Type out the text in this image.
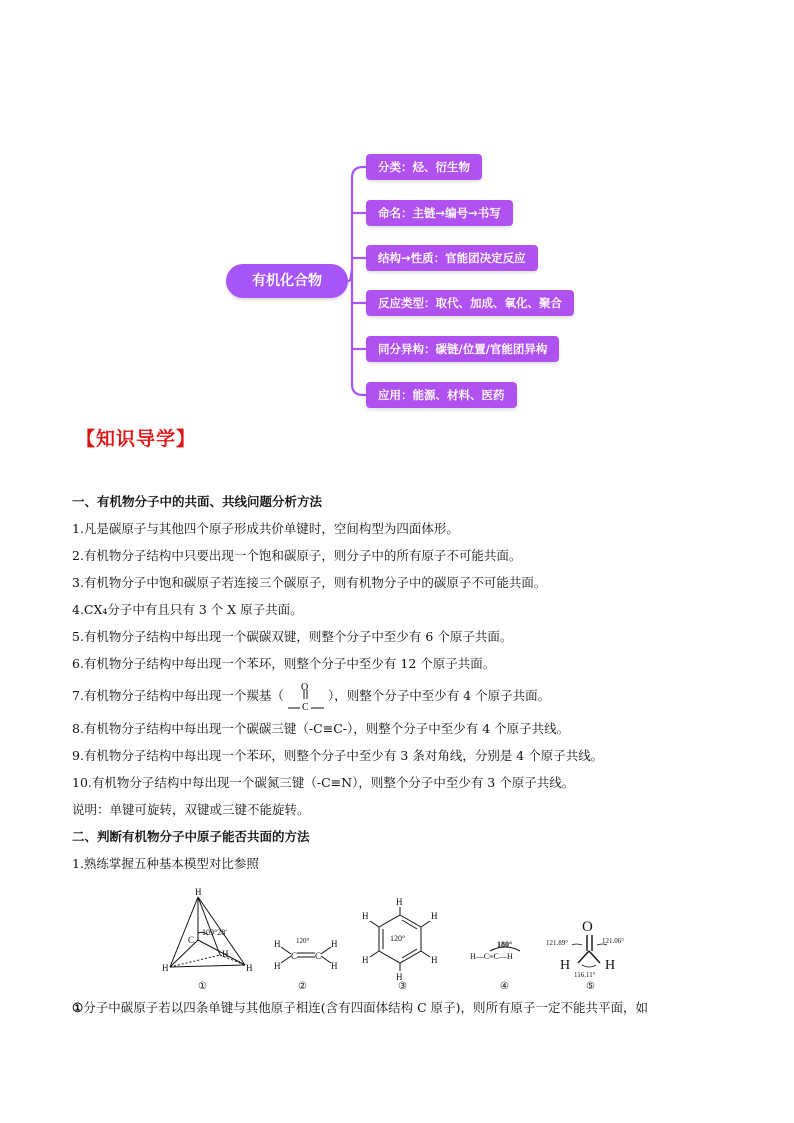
有机化合物
分类：烃、衍生物
命名：主链→编号→书写
结构→性质：官能团决定反应
反应类型：取代、加成、氧化、聚合
同分异构：碳链/位置/官能团异构
应用：能源、材料、医药
【知识导学】
一、有机物分子中的共面、共线问题分析方法
1.凡是碳原子与其他四个原子形成共价单键时，空间构型为四面体形。
2.有机物分子结构中只要出现一个饱和碳原子，则分子中的所有原子不可能共面。
3.有机物分子中饱和碳原子若连接三个碳原子，则有机物分子中的碳原子不可能共面。
4.CX₄分子中有且只有 3 个 X 原子共面。
5.有机物分子结构中每出现一个碳碳双键，则整个分子中至少有 6 个原子共面。
6.有机物分子结构中每出现一个苯环，则整个分子中至少有 12 个原子共面。
7.有机物分子结构中每出现一个羰基（
O
C
），则整个分子中至少有 4 个原子共面。
8.有机物分子结构中每出现一个碳碳三键（-C≡C-），则整个分子中至少有 4 个原子共线。
9.有机物分子结构中每出现一个苯环，则整个分子中至少有 3 条对角线，分别是 4 个原子共线。
10.有机物分子结构中每出现一个碳氮三键（-C≡N），则整个分子中至少有 3 个原子共线。
说明：单键可旋转，双键或三键不能旋转。
二、判断有机物分子中原子能否共面的方法
1.熟练掌握五种基本模型对比参照
H
H	H
H
C
109°28′
①
H
H
C C
H
H
120°
②
H
H
H
H
H
H
120°
③
H—C≡C—H
180°
④
O
H H
121.89°	121.06°
116.11°
⑤
①分子中碳原子若以四条单键与其他原子相连(含有四面体结构 C 原子)，则所有原子一定不能共平面，如
